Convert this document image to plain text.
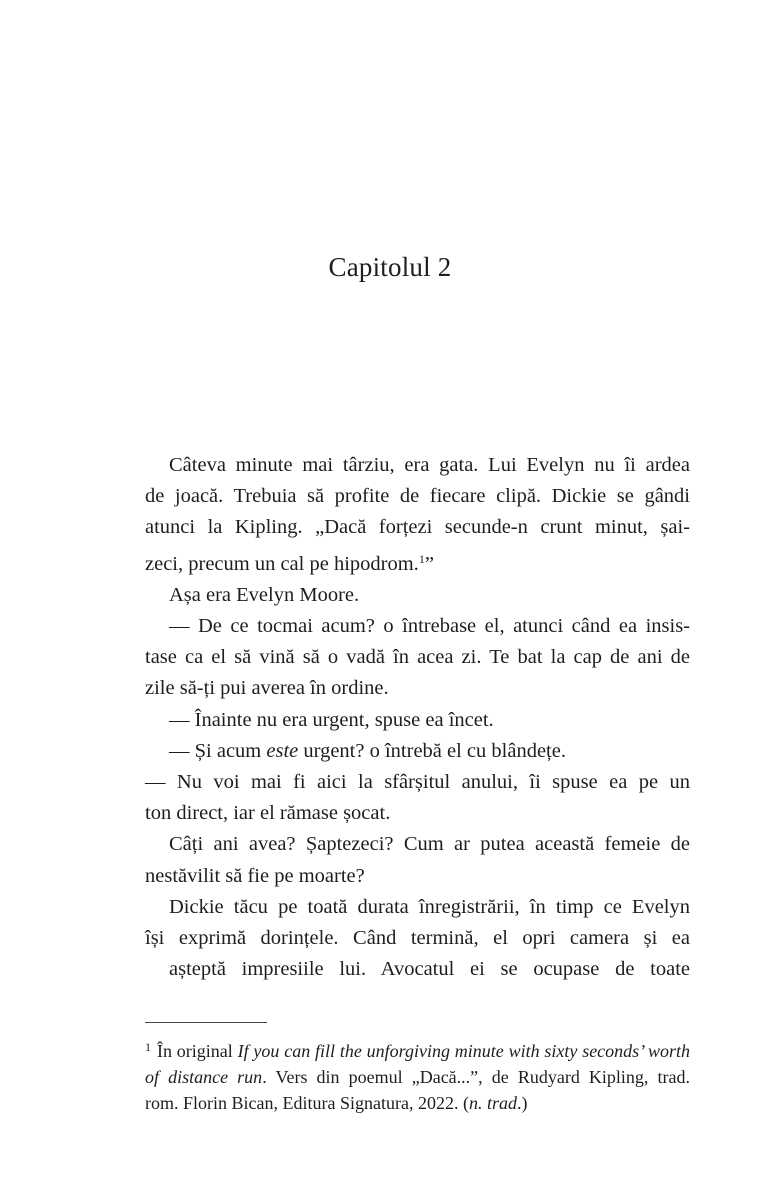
Capitolul 2
Câteva minute mai târziu, era gata. Lui Evelyn nu îi ardea
de joacă. Trebuia să profite de fiecare clipă. Dickie se gândi
atunci la Kipling. „Dacă forțezi secunde-n crunt minut, șai-
zeci, precum un cal pe hipodrom.$^1$”
Așa era Evelyn Moore.
— De ce tocmai acum? o întrebase el, atunci când ea insis-
tase ca el să vină să o vadă în acea zi. Te bat la cap de ani de
zile să-ți pui averea în ordine.
— Înainte nu era urgent, spuse ea încet.
— Și acum este urgent? o întrebă el cu blândețe.
— Nu voi mai fi aici la sfârșitul anului, îi spuse ea pe un
ton direct, iar el rămase șocat.
Câți ani avea? Șaptezeci? Cum ar putea această femeie de
nestăvilit să fie pe moarte?
Dickie tăcu pe toată durata înregistrării, în timp ce Evelyn
își exprimă dorințele. Când termină, el opri camera și ea
așteptă impresiile lui. Avocatul ei se ocupase de toate
$^1$ În original If you can fill the unforgiving minute with sixty seconds’ worth
of distance run. Vers din poemul „Dacă...”, de Rudyard Kipling, trad.
rom. Florin Bican, Editura Signatura, 2022. (n. trad.)
